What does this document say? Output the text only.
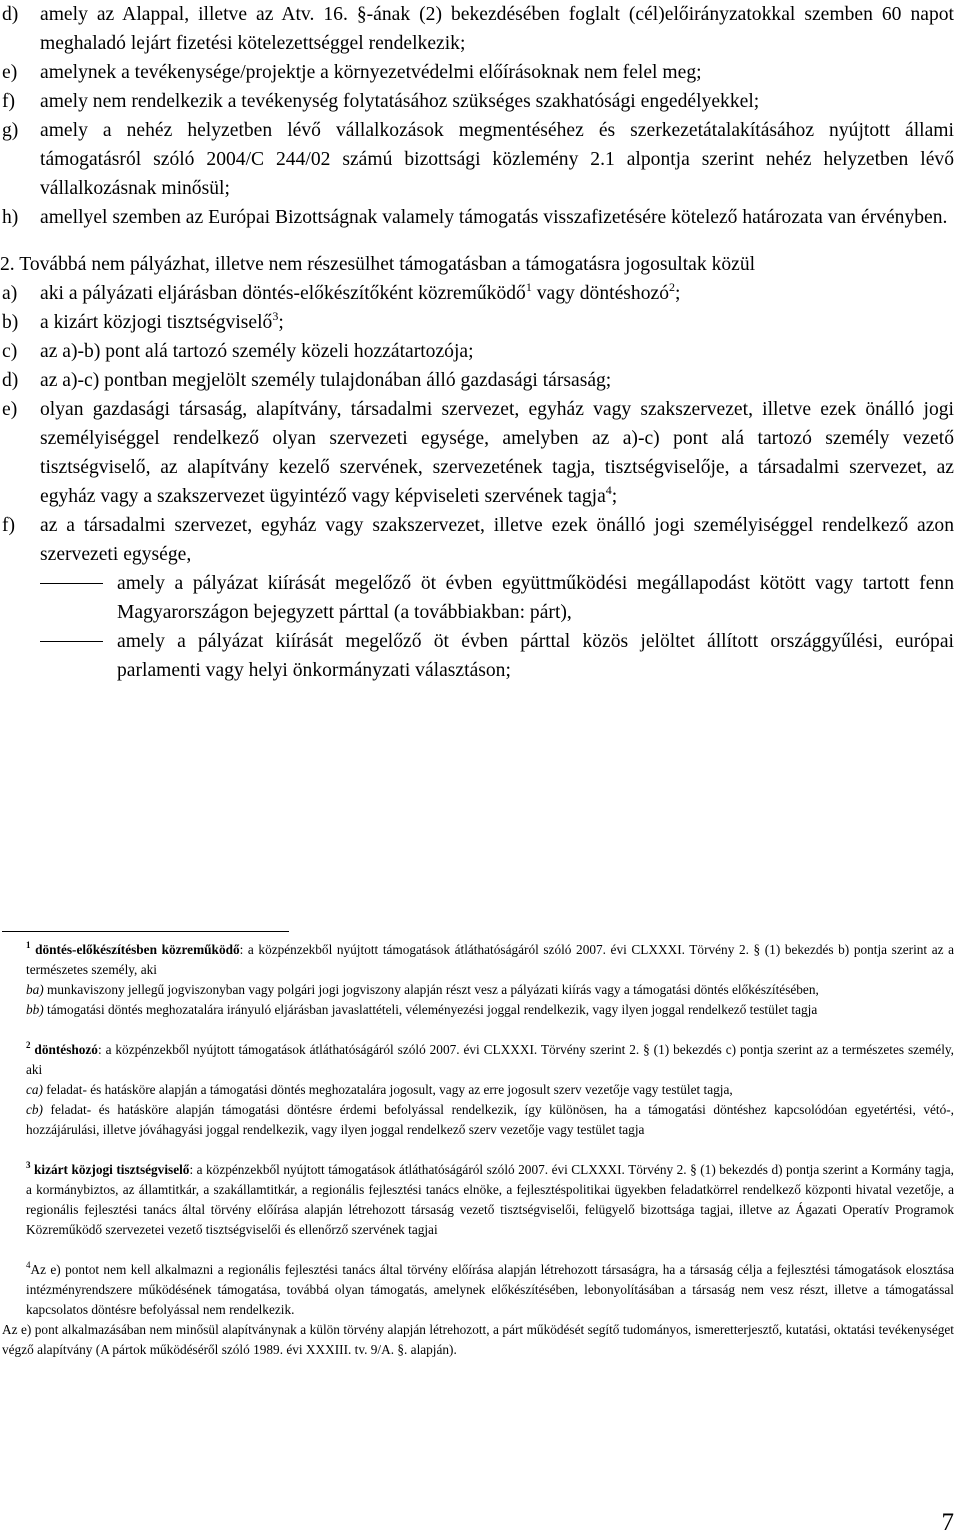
d) amely az Alappal, illetve az Atv. 16. §-ának (2) bekezdésében foglalt (cél)előirányzatokkal szemben 60 napot meghaladó lejárt fizetési kötelezettséggel rendelkezik;
e) amelynek a tevékenysége/projektje a környezetvédelmi előírásoknak nem felel meg;
f) amely nem rendelkezik a tevékenység folytatásához szükséges szakhatósági engedélyekkel;
g) amely a nehéz helyzetben lévő vállalkozások megmentéséhez és szerkezetátalakításához nyújtott állami támogatásról szóló 2004/C 244/02 számú bizottsági közlemény 2.1 alpontja szerint nehéz helyzetben lévő vállalkozásnak minősül;
h) amellyel szemben az Európai Bizottságnak valamely támogatás visszafizetésére kötelező határozata van érvényben.
2. Továbbá nem pályázhat, illetve nem részesülhet támogatásban a támogatásra jogosultak közül
a) aki a pályázati eljárásban döntés-előkészítőként közreműködő$^1$ vagy döntéshozó$^2$;
b) a kizárt közjogi tisztségviselő$^3$;
c) az a)-b) pont alá tartozó személy közeli hozzátartozója;
d) az a)-c) pontban megjelölt személy tulajdonában álló gazdasági társaság;
e) olyan gazdasági társaság, alapítvány, társadalmi szervezet, egyház vagy szakszervezet, illetve ezek önálló jogi személyiséggel rendelkező olyan szervezeti egysége, amelyben az a)-c) pont alá tartozó személy vezető tisztségviselő, az alapítvány kezelő szervének, szervezetének tagja, tisztségviselője, a társadalmi szervezet, az egyház vagy a szakszervezet ügyintéző vagy képviseleti szervének tagja$^4$;
f) az a társadalmi szervezet, egyház vagy szakszervezet, illetve ezek önálló jogi személyiséggel rendelkező azon szervezeti egysége,
amely a pályázat kiírását megelőző öt évben együttműködési megállapodást kötött vagy tartott fenn Magyarországon bejegyzett párttal (a továbbiakban: párt),
amely a pályázat kiírását megelőző öt évben párttal közös jelöltet állított országgyűlési, európai parlamenti vagy helyi önkormányzati választáson;
$^1$ döntés-előkészítésben közreműködő: a közpénzekből nyújtott támogatások átláthatóságáról szóló 2007. évi CLXXXI. Törvény 2. § (1) bekezdés b) pontja szerint az a természetes személy, aki
ba) munkaviszony jellegű jogviszonyban vagy polgári jogi jogviszony alapján részt vesz a pályázati kiírás vagy a támogatási döntés előkészítésében,
bb) támogatási döntés meghozatalára irányuló eljárásban javaslattételi, véleményezési joggal rendelkezik, vagy ilyen joggal rendelkező testület tagja
$^2$ döntéshozó: a közpénzekből nyújtott támogatások átláthatóságáról szóló 2007. évi CLXXXI. Törvény szerint 2. § (1) bekezdés c) pontja szerint az a természetes személy, aki
ca) feladat- és hatásköre alapján a támogatási döntés meghozatalára jogosult, vagy az erre jogosult szerv vezetője vagy testület tagja,
cb) feladat- és hatásköre alapján támogatási döntésre érdemi befolyással rendelkezik, így különösen, ha a támogatási döntéshez kapcsolódóan egyetértési, vétó-, hozzájárulási, illetve jóváhagyási joggal rendelkezik, vagy ilyen joggal rendelkező szerv vezetője vagy testület tagja
$^3$ kizárt közjogi tisztségviselő: a közpénzekből nyújtott támogatások átláthatóságáról szóló 2007. évi CLXXXI. Törvény 2. § (1) bekezdés d) pontja szerint a Kormány tagja, a kormánybiztos, az államtitkár, a szakállamtitkár, a regionális fejlesztési tanács elnöke, a fejlesztéspolitikai ügyekben feladatkörrel rendelkező központi hivatal vezetője, a regionális fejlesztési tanács által törvény előírása alapján létrehozott társaság vezető tisztségviselői, felügyelő bizottsága tagjai, illetve az Ágazati Operatív Programok Közreműködő szervezetei vezető tisztségviselői és ellenőrző szervének tagjai
$^4$Az e) pontot nem kell alkalmazni a regionális fejlesztési tanács által törvény előírása alapján létrehozott társaságra, ha a társaság célja a fejlesztési támogatások elosztása intézményrendszere működésének támogatása, továbbá olyan támogatás, amelynek előkészítésében, lebonyolításában a társaság nem vesz részt, illetve a támogatással kapcsolatos döntésre befolyással nem rendelkezik.
Az e) pont alkalmazásában nem minősül alapítványnak a külön törvény alapján létrehozott, a párt működését segítő tudományos, ismeretterjesztő, kutatási, oktatási tevékenységet végző alapítvány (A pártok működéséről szóló 1989. évi XXXIII. tv. 9/A. §. alapján).
7
